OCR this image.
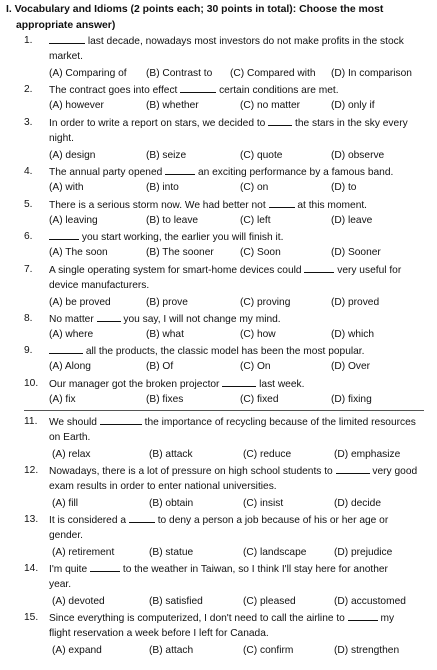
I. Vocabulary and Idioms (2 points each; 30 points in total): Choose the most
appropriate answer)
1.	last decade, nowadays most investors do not make profits in the stock
market.
(A) Comparing of (B) Contrast to (C) Compared with (D) In comparison
2. The contract goes into effect	certain conditions are met.
(A) however	(B) whether	(C) no matter	(D) only if
3. In order to write a report on stars, we decided to	the stars in the sky every
night.
(A) design	(B) seize	(C) quote	(D) observe
4. The annual party opened	an exciting performance by a famous band.
(A) with	(B) into	(C) on	(D) to
5. There is a serious storm now. We had better not	at this moment.
(A) leaving	(B) to leave	(C) left	(D) leave
6.	you start working, the earlier you will finish it.
(A) The soon	(B) The sooner	(C) Soon	(D) Sooner
7. A single operating system for smart-home devices could	very useful for
device manufacturers.
(A) be proved	(B) prove	(C) proving	(D) proved
8. No matter	you say, I will not change my mind.
(A) where	(B) what	(C) how	(D) which
9.	all the products, the classic model has been the most popular.
(A) Along	(B) Of	(C) On	(D) Over
10. Our manager got the broken projector	last week.
(A) fix	(B) fixes	(C) fixed	(D) fixing
11. We should	the importance of recycling because of the limited resources
on Earth.
(A) relax	(B) attack	(C) reduce	(D) emphasize
12. Nowadays, there is a lot of pressure on high school students to	very good
exam results in order to enter national universities.
(A) fill	(B) obtain	(C) insist	(D) decide
13. It is considered a	to deny a person a job because of his or her age or
gender.
(A) retirement	(B) statue	(C) landscape	(D) prejudice
14. I'm quite	to the weather in Taiwan, so I think I'll stay here for another
year.
(A) devoted	(B) satisfied	(C) pleased	(D) accustomed
15. Since everything is computerized, I don't need to call the airline to	my
flight reservation a week before I left for Canada.
(A) expand	(B) attach	(C) confirm	(D) strengthen
